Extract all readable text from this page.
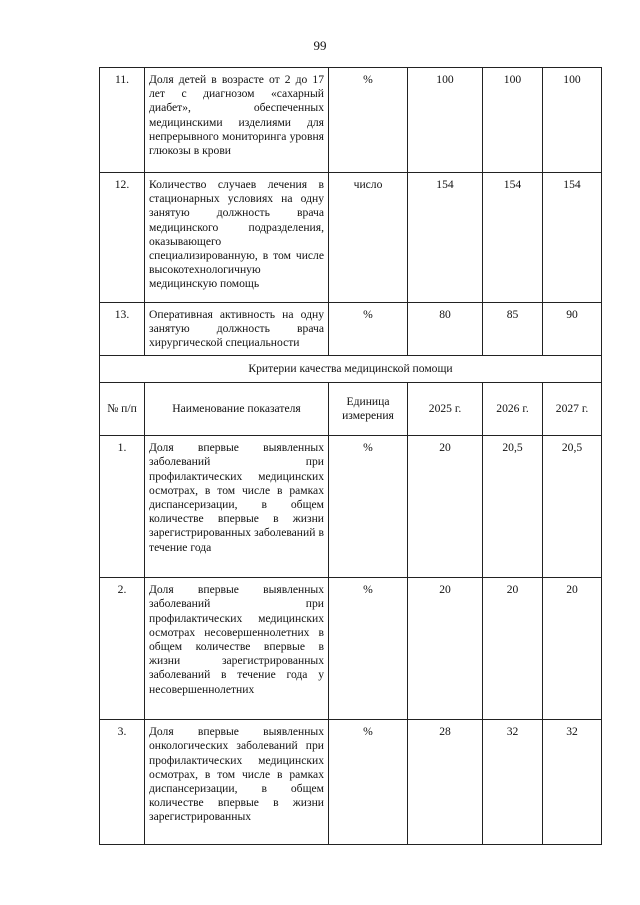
99
11.	Доля детей в возрасте от 2 до 17 лет с диагнозом «сахарный диабет», обеспеченных медицинскими изделиями для непрерывного мониторинга уровня глюкозы в крови	%	100	100	100
12.	Количество случаев лечения в стационарных условиях на одну занятую должность врача медицинского подразделения, оказывающего специализированную, в том числе высокотехнологичную медицинскую помощь	число	154	154	154
13.	Оперативная активность на одну занятую должность врача хирургической специальности	%	80	85	90
Критерии качества медицинской помощи					
№ п/п	Наименование показателя	Единица измерения	2025 г.	2026 г.	2027 г.
1.	Доля впервые выявленных заболеваний при профилактических медицинских осмотрах, в том числе в рамках диспансеризации, в общем количестве впервые в жизни зарегистрированных заболеваний в течение года	%	20	20,5	20,5
2.	Доля впервые выявленных заболеваний при профилактических медицинских осмотрах несовершеннолетних в общем количестве впервые в жизни зарегистрированных заболеваний в течение года у несовершеннолетних	%	20	20	20
3.	Доля впервые выявленных онкологических заболеваний при профилактических медицинских осмотрах, в том числе в рамках диспансеризации, в общем количестве впервые в жизни зарегистрированных	%	28	32	32
